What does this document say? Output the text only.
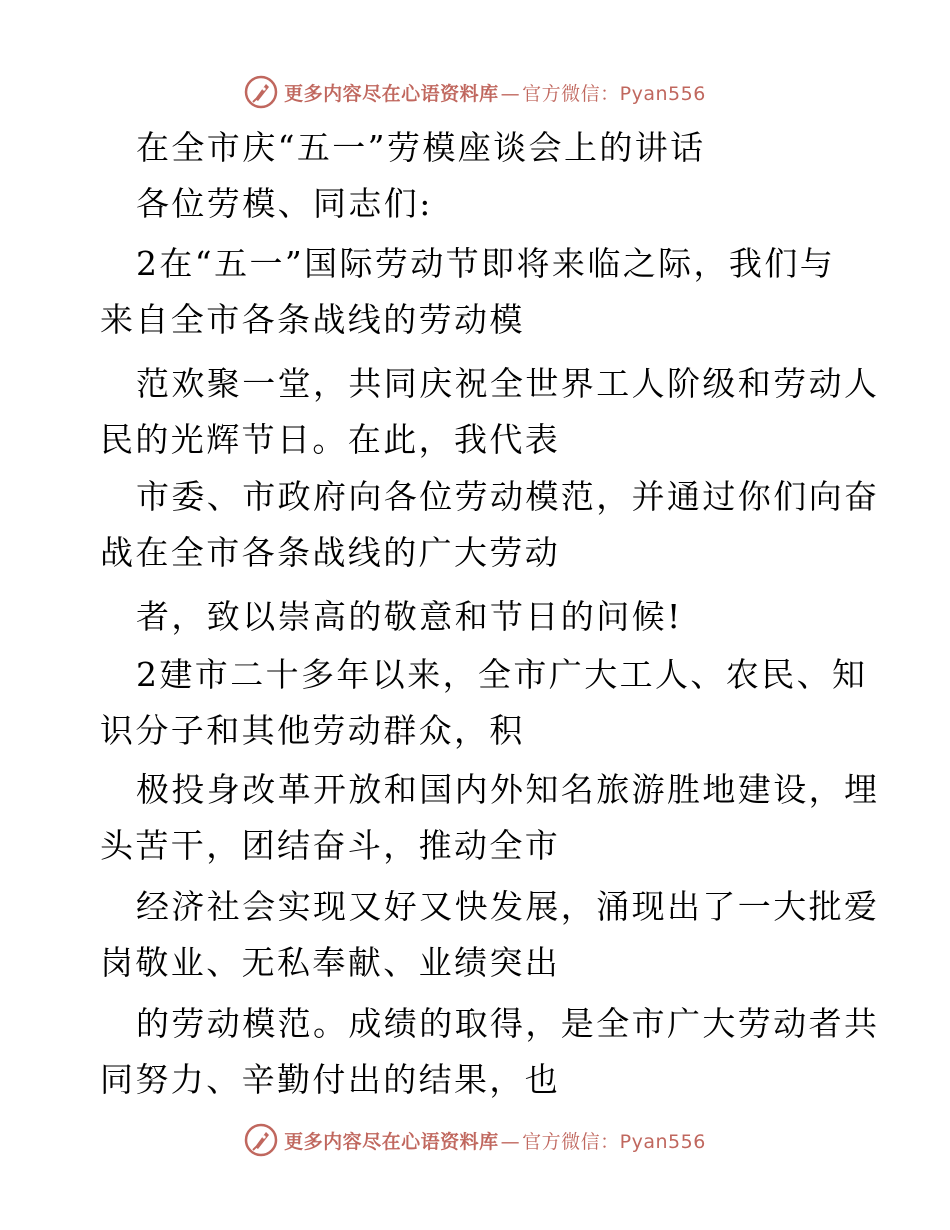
更多内容尽在心语资料库 — 官方微信：Pyan556
在全市庆“五一”劳模座谈会上的讲话
各位劳模、同志们:
2在“五一”国际劳动节即将来临之际，我们与
来自全市各条战线的劳动模
范欢聚一堂，共同庆祝全世界工人阶级和劳动人
民的光辉节日。在此，我代表
市委、市政府向各位劳动模范，并通过你们向奋
战在全市各条战线的广大劳动
者，致以崇高的敬意和节日的问候!
2建市二十多年以来，全市广大工人、农民、知
识分子和其他劳动群众，积
极投身改革开放和国内外知名旅游胜地建设，埋
头苦干，团结奋斗，推动全市
经济社会实现又好又快发展，涌现出了一大批爱
岗敬业、无私奉献、业绩突出
的劳动模范。成绩的取得，是全市广大劳动者共
同努力、辛勤付出的结果，也
更多内容尽在心语资料库 — 官方微信：Pyan556
